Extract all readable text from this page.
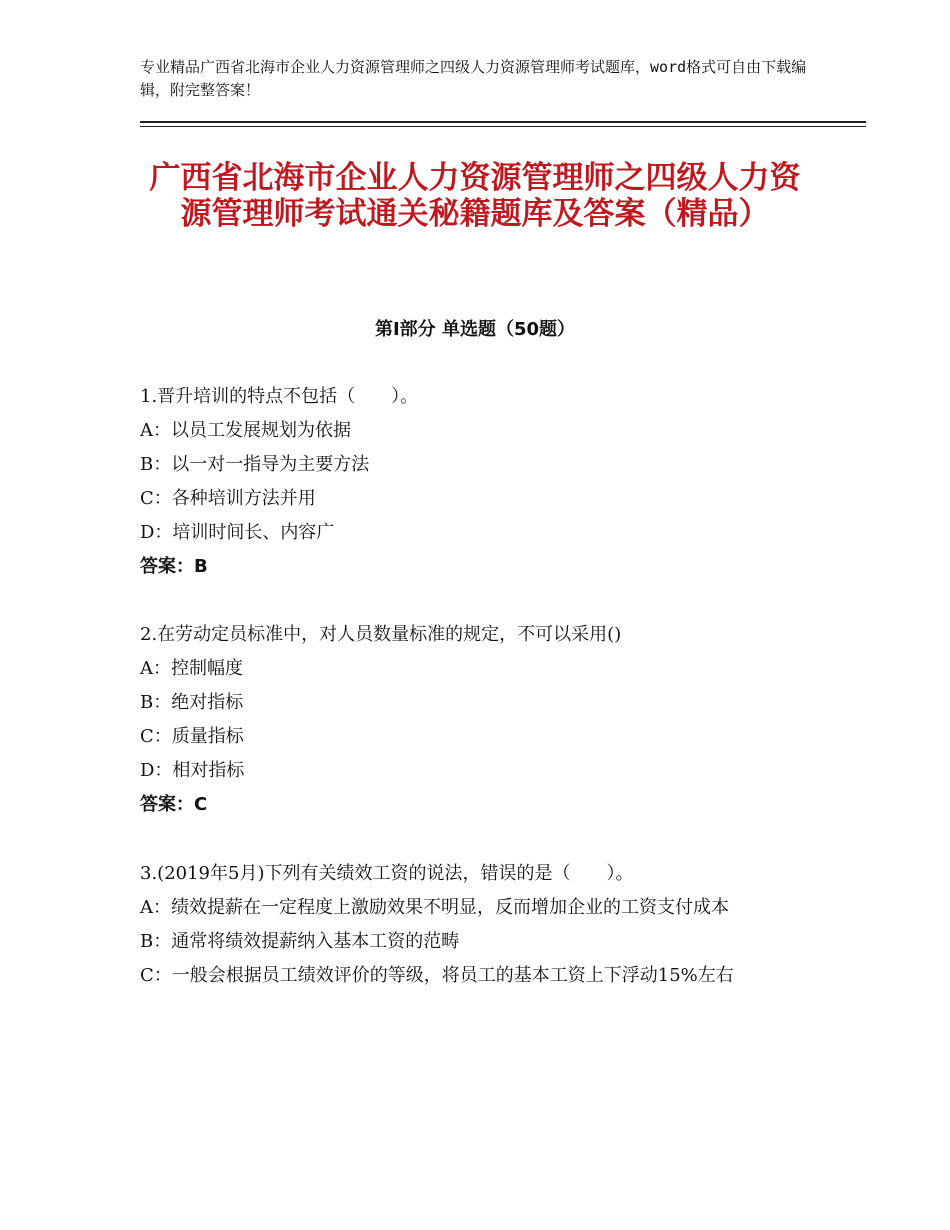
专业精品广西省北海市企业人力资源管理师之四级人力资源管理师考试题库，word格式可自由下载编辑，附完整答案！
广西省北海市企业人力资源管理师之四级人力资源管理师考试通关秘籍题库及答案（精品）
第Ⅰ部分 单选题（50题）
1.晋升培训的特点不包括（　　）。
A：以员工发展规划为依据
B：以一对一指导为主要方法
C：各种培训方法并用
D：培训时间长、内容广
答案：B
2.在劳动定员标准中，对人员数量标准的规定，不可以采用()
A：控制幅度
B：绝对指标
C：质量指标
D：相对指标
答案：C
3.(2019年5月)下列有关绩效工资的说法，错误的是（　　）。
A：绩效提薪在一定程度上激励效果不明显，反而增加企业的工资支付成本
B：通常将绩效提薪纳入基本工资的范畴
C：一般会根据员工绩效评价的等级，将员工的基本工资上下浮动15%左右
